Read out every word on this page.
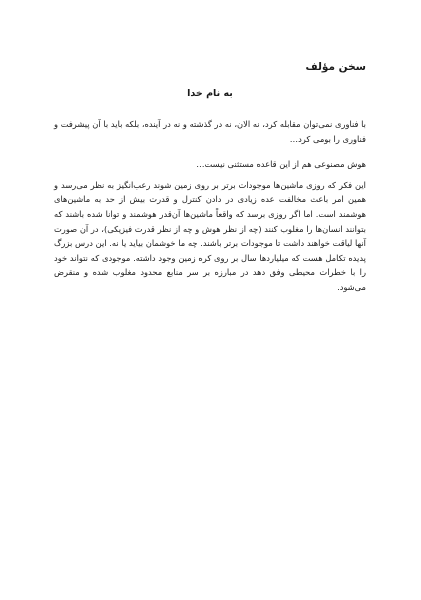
سخن مؤلف
به نام خدا

با فناوری نمی‌توان مقابله کرد، نه الان، نه در گذشته و نه در آینده، بلکه باید با آن پیشرفت و فناوری را بومی کرد…

هوش مصنوعی هم از این قاعده مستثنی نیست…

این فکر که روزی ماشین‌ها موجودات برتر بر روی زمین شوند رعب‌انگیز به نظر می‌رسد و همین امر باعث مخالفت عده زیادی در دادن کنترل و قدرت بیش از حد به ماشین‌های هوشمند است. اما اگر روزی برسد که واقعاً ماشین‌ها آن‌قدر هوشمند و توانا شده باشند که بتوانند انسان‌ها را مغلوب کنند (چه از نظر هوش و چه از نظر قدرت فیزیکی)، در آن صورت آنها لیاقت خواهند داشت تا موجودات برتر باشند. چه ما خوشمان بیاید یا نه. این درس بزرگ پدیده تکامل هست که میلیاردها سال بر روی کره زمین وجود داشته. موجودی که نتواند خود را با خطرات محیطی وفق دهد در مبارزه بر سر منابع محدود مغلوب شده و منقرض می‌شود.
